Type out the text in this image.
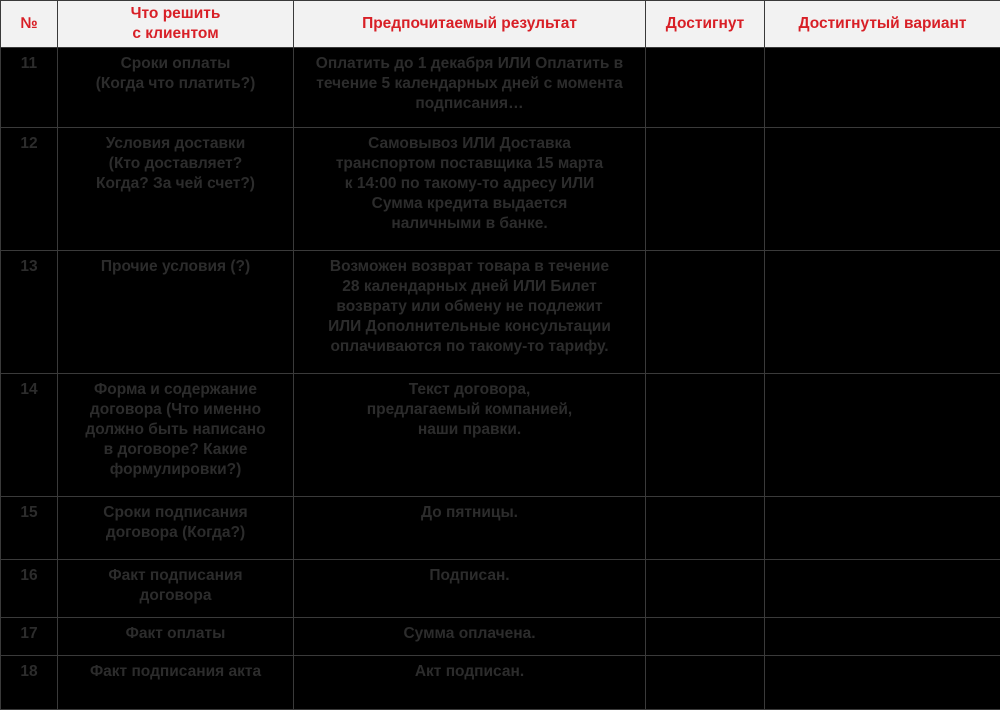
№	Что решить
с клиентом	Предпочитаемый результат	Достигнут	Достигнутый вариант

11	Сроки оплаты
(Когда что платить?)	Оплатить до 1 декабря ИЛИ Оплатить в
течение 5 календарных дней с момента
подписания…		

12	Условия доставки
(Кто доставляет?
Когда? За чей счет?)	Самовывоз ИЛИ Доставка
транспортом поставщика 15 марта
к 14:00 по такому-то адресу ИЛИ
Сумма кредита выдается
наличными в банке.		

13	Прочие условия (?)	Возможен возврат товара в течение
28 календарных дней ИЛИ Билет
возврату или обмену не подлежит
ИЛИ Дополнительные консультации
оплачиваются по такому-то тарифу.		

14	Форма и содержание
договора (Что именно
должно быть написано
в договоре? Какие
формулировки?)	Текст договора,
предлагаемый компанией,
наши правки.		

15	Сроки подписания
договора (Когда?)	До пятницы.		

16	Факт подписания
договора	Подписан.		

17	Факт оплаты	Сумма оплачена.		

18	Факт подписания акта	Акт подписан.		
